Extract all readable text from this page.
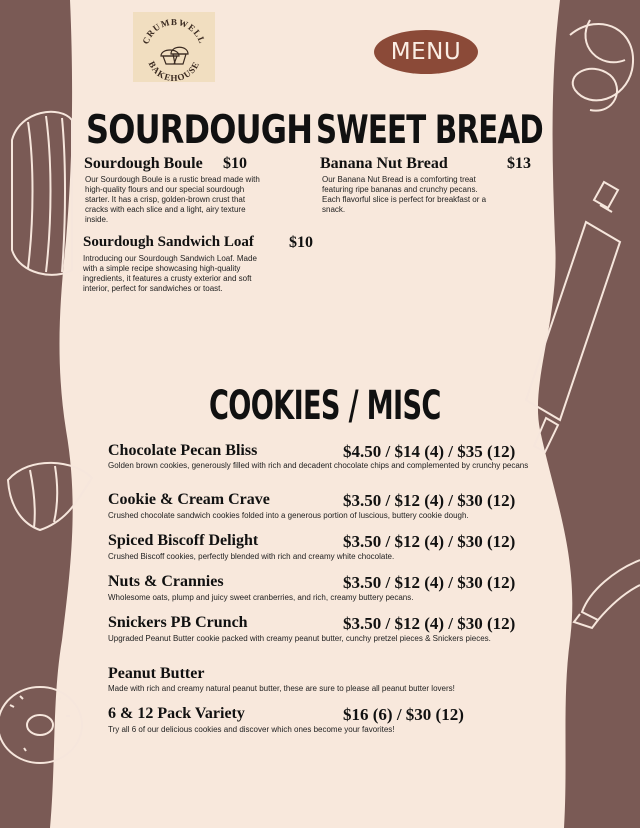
CRUMBWELL
BAKEHOUSE	MENU
SOURDOUGH
Sourdough Boule $10
Our Sourdough Boule is a rustic bread made with high-quality flours and our special sourdough starter. It has a crisp, golden-brown crust that cracks with each slice and a light, airy texture inside.
Sourdough Sandwich Loaf $10
Introducing our Sourdough Sandwich Loaf. Made with a simple recipe showcasing high-quality ingredients, it features a crusty exterior and soft interior, perfect for sandwiches or toast.
SWEET BREAD
Banana Nut Bread	$13
Our Banana Nut Bread is a comforting treat featuring ripe bananas and crunchy pecans. Each flavorful slice is perfect for breakfast or a snack.
COOKIES / MISC
Chocolate Pecan Bliss	$4.50 / $14 (4) / $35 (12)
Golden brown cookies, generously filled with rich and decadent chocolate chips and complemented by crunchy pecans
Cookie & Cream Crave	$3.50 / $12 (4) / $30 (12)
Crushed chocolate sandwich cookies folded into a generous portion of luscious, buttery cookie dough.
Spiced Biscoff Delight	$3.50 / $12 (4) / $30 (12)
Crushed Biscoff cookies, perfectly blended with rich and creamy white chocolate.
Nuts & Crannies	$3.50 / $12 (4) / $30 (12)
Wholesome oats, plump and juicy sweet cranberries, and rich, creamy buttery pecans.
Snickers PB Crunch	$3.50 / $12 (4) / $30 (12)
Upgraded Peanut Butter cookie packed with creamy peanut butter, cunchy pretzel pieces & Snickers pieces.
Peanut Butter
Made with rich and creamy natural peanut butter, these are sure to please all peanut butter lovers!
6 & 12 Pack Variety	$16 (6) / $30 (12)
Try all 6 of our delicious cookies and discover which ones become your favorites!
